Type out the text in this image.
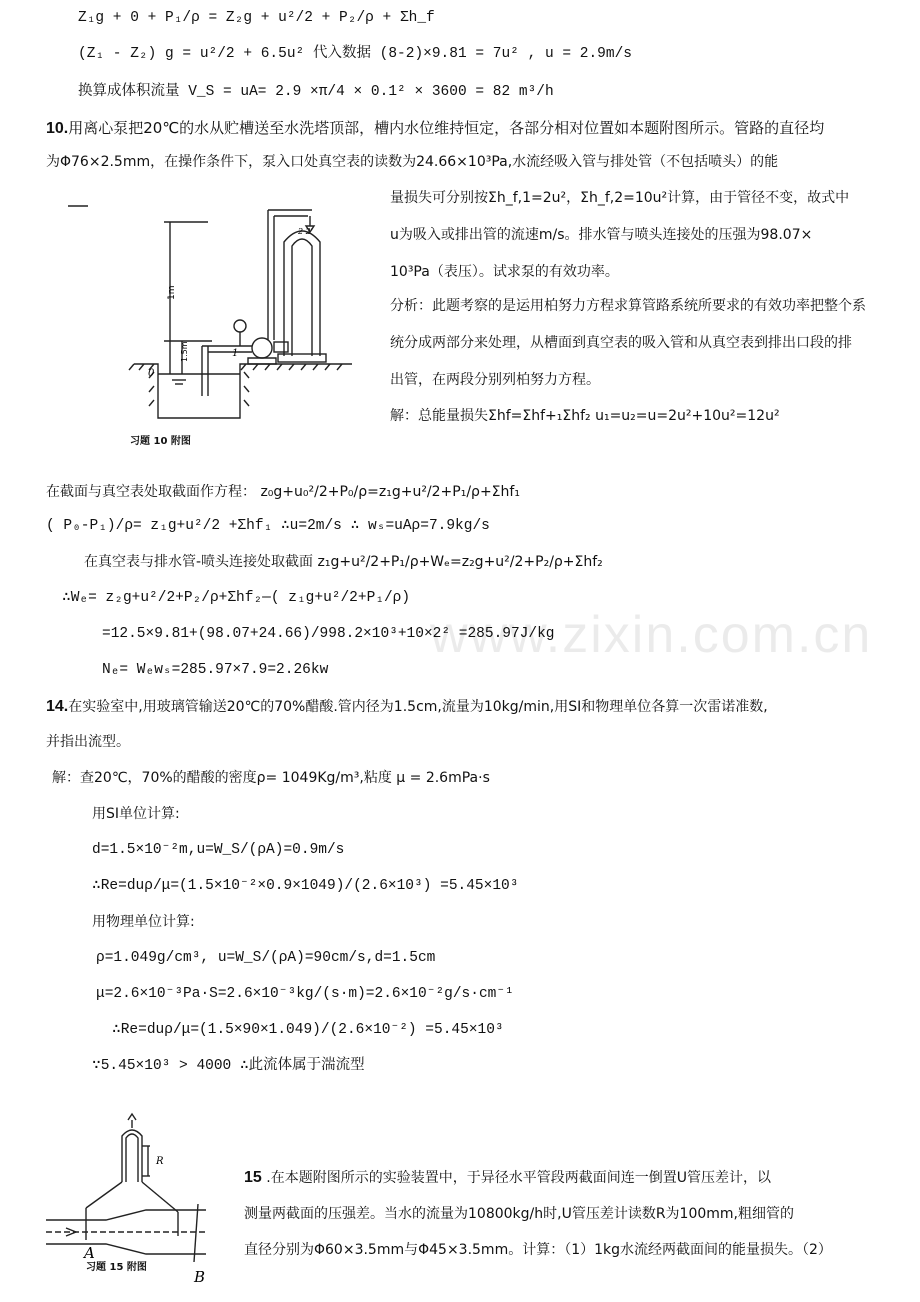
Z₁g + 0 + P₁/ρ = Z₂g + u²/2 + P₂/ρ + Σh_f
(Z₁ - Z₂) g = u²/2 + 6.5u² 代入数据 (8-2)×9.81 = 7u² , u = 2.9m/s
换算成体积流量 V_S = uA= 2.9 ×π/4 × 0.1² × 3600 = 82 m³/h
10.用离心泵把20℃的水从贮槽送至水洗塔顶部，槽内水位维持恒定，各部分相对位置如本题附图所示。管路的直径均
为Φ76×2.5mm，在操作条件下，泵入口处真空表的读数为24.66×10³Pa,水流经吸入管与排处管（不包括喷头）的能
量损失可分别按Σh_f,1=2u²，Σh_f,2=10u²计算，由于管径不变，故式中
u为吸入或排出管的流速m/s。排水管与喷头连接处的压强为98.07×
10³Pa（表压）。试求泵的有效功率。
分析：此题考察的是运用柏努力方程求算管路系统所要求的有效功率把整个系
统分成两部分来处理，从槽面到真空表的吸入管和从真空表到排出口段的排
出管，在两段分别列柏努力方程。
解：总能量损失Σhf=Σhf+₁Σhf₂ u₁=u₂=u=2u²+10u²=12u²
1m
1.5m
0
1
2 2'
习题 10 附图
在截面与真空表处取截面作方程： z₀g+u₀²/2+P₀/ρ=z₁g+u²/2+P₁/ρ+Σhf₁
( P₀-P₁)/ρ= z₁g+u²/2 +Σhf₁ ∴u=2m/s ∴ wₛ=uAρ=7.9kg/s
在真空表与排水管-喷头连接处取截面 z₁g+u²/2+P₁/ρ+Wₑ=z₂g+u²/2+P₂/ρ+Σhf₂
∴Wₑ= z₂g+u²/2+P₂/ρ+Σhf₂—( z₁g+u²/2+P₁/ρ)
=12.5×9.81+(98.07+24.66)/998.2×10³+10×2² =285.97J/kg
Nₑ= Wₑwₛ=285.97×7.9=2.26kw
www.zixin.com.cn
14.在实验室中,用玻璃管输送20℃的70%醋酸.管内径为1.5cm,流量为10kg/min,用SI和物理单位各算一次雷诺准数,
并指出流型。
解：查20℃，70%的醋酸的密度ρ= 1049Kg/m³,粘度 μ = 2.6mPa·s
用SI单位计算:
d=1.5×10⁻²m,u=W_S/(ρA)=0.9m/s
∴Re=duρ/μ=(1.5×10⁻²×0.9×1049)/(2.6×10³) =5.45×10³
用物理单位计算:
ρ=1.049g/cm³, u=W_S/(ρA)=90cm/s,d=1.5cm
μ=2.6×10⁻³Pa·S=2.6×10⁻³kg/(s·m)=2.6×10⁻²g/s·cm⁻¹
∴Re=duρ/μ=(1.5×90×1.049)/(2.6×10⁻²) =5.45×10³
∵5.45×10³ > 4000 ∴此流体属于湍流型
R
A
B
习题 15 附图
15 .在本题附图所示的实验装置中，于异径水平管段两截面间连一倒置U管压差计，以
测量两截面的压强差。当水的流量为10800kg/h时,U管压差计读数R为100mm,粗细管的
直径分别为Φ60×3.5mm与Φ45×3.5mm。计算：（1）1kg水流经两截面间的能量损失。（2）
